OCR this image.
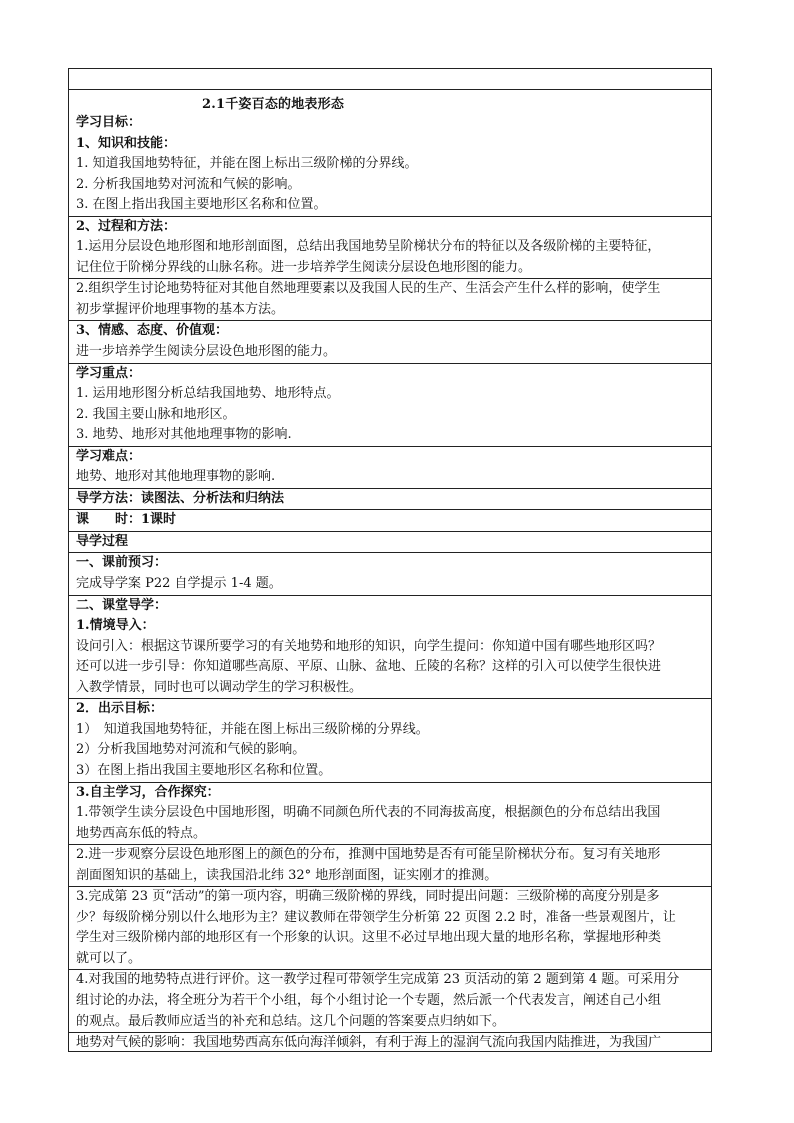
2.1千姿百态的地表形态
学习目标：
1、知识和技能：
1. 知道我国地势特征，并能在图上标出三级阶梯的分界线。
2. 分析我国地势对河流和气候的影响。
3. 在图上指出我国主要地形区名称和位置。
2、过程和方法：
1.运用分层设色地形图和地形剖面图，总结出我国地势呈阶梯状分布的特征以及各级阶梯的主要特征，
记住位于阶梯分界线的山脉名称。进一步培养学生阅读分层设色地形图的能力。
2.组织学生讨论地势特征对其他自然地理要素以及我国人民的生产、生活会产生什么样的影响，使学生
初步掌握评价地理事物的基本方法。
3、情感、态度、价值观：
进一步培养学生阅读分层设色地形图的能力。
学习重点：
1. 运用地形图分析总结我国地势、地形特点。
2. 我国主要山脉和地形区。
3. 地势、地形对其他地理事物的影响.
学习难点：
地势、地形对其他地理事物的影响.
导学方法：读图法、分析法和归纳法
课　　时：1课时
导学过程
一、课前预习：
完成导学案 P22 自学提示 1-4 题。
二、课堂导学：
1.情境导入：
设问引入：根据这节课所要学习的有关地势和地形的知识，向学生提问：你知道中国有哪些地形区吗？
还可以进一步引导：你知道哪些高原、平原、山脉、盆地、丘陵的名称？这样的引入可以使学生很快进
入教学情景，同时也可以调动学生的学习积极性。
2．出示目标：
1）　知道我国地势特征，并能在图上标出三级阶梯的分界线。
2）分析我国地势对河流和气候的影响。
3）在图上指出我国主要地形区名称和位置。
3.自主学习，合作探究：
1.带领学生读分层设色中国地形图，明确不同颜色所代表的不同海拔高度，根据颜色的分布总结出我国
地势西高东低的特点。
2.进一步观察分层设色地形图上的颜色的分布，推测中国地势是否有可能呈阶梯状分布。复习有关地形
剖面图知识的基础上，读我国沿北纬 32° 地形剖面图，证实刚才的推测。
3.完成第 23 页“活动”的第一项内容，明确三级阶梯的界线，同时提出问题：三级阶梯的高度分别是多
少？每级阶梯分别以什么地形为主？建议教师在带领学生分析第 22 页图 2.2 时，准备一些景观图片，让
学生对三级阶梯内部的地形区有一个形象的认识。这里不必过早地出现大量的地形名称，掌握地形种类
就可以了。
4.对我国的地势特点进行评价。这一教学过程可带领学生完成第 23 页活动的第 2 题到第 4 题。可采用分
组讨论的办法，将全班分为若干个小组，每个小组讨论一个专题，然后派一个代表发言，阐述自己小组
的观点。最后教师应适当的补充和总结。这几个问题的答案要点归纳如下。
地势对气候的影响：我国地势西高东低向海洋倾斜，有利于海上的湿润气流向我国内陆推进，为我国广
